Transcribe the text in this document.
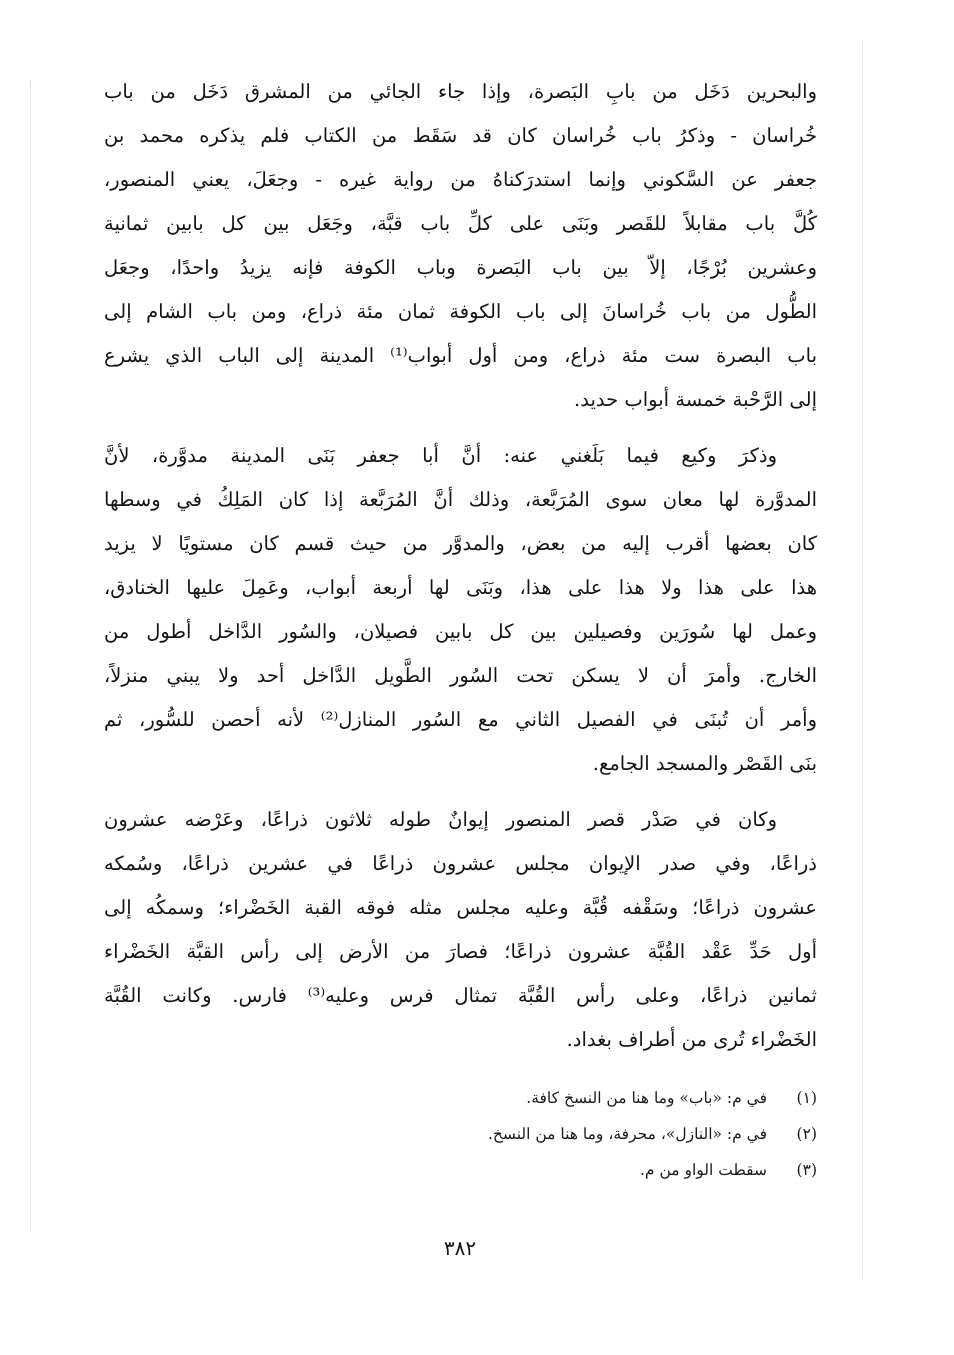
والبحرين دَخَل من بابِ البَصرة، وإذا جاء الجائي من المشرق دَخَل من باب
خُراسان - وذكرُ باب خُراسان كان قد سَقَط من الكتاب فلم يذكره محمد بن
جعفر عن السَّكوني وإنما استدرَكناهُ من رواية غيره - وجعَلَ، يعني المنصور،
كُلَّ باب مقابلاً للقَصر وبَنَى على كلِّ باب قبَّة، وجَعَل بين كل بابين ثمانية
وعشرين بُرْجًا، إلاّ بين باب البَصرة وباب الكوفة فإنه يزيدُ واحدًا، وجعَل
الطُّول من باب خُراسانَ إلى باب الكوفة ثمان مئة ذراع، ومن باب الشام إلى
باب البصرة ست مئة ذراع، ومن أول أبواب⁽¹⁾ المدينة إلى الباب الذي يشرع
إلى الرَّحْبة خمسة أبواب حديد.
وذكرَ وكيع فيما بَلَغني عنه: أنَّ أبا جعفر بَنَى المدينة مدوَّرة، لأنَّ
المدوَّرة لها معان سوى المُرَبَّعة، وذلك أنَّ المُرَبَّعة إذا كان المَلِكُ في وسطها
كان بعضها أقرب إليه من بعض، والمدوَّر من حيث قسم كان مستويًا لا يزيد
هذا على هذا ولا هذا على هذا، وبَنَى لها أربعة أبواب، وعَمِلَ عليها الخنادق،
وعمل لها سُورَين وفصيلين بين كل بابين فصيلان، والسُور الدَّاخل أطول من
الخارج. وأمرَ أن لا يسكن تحت السُور الطَّويل الدَّاخل أحد ولا يبني منزلاً،
وأمر أن تُبنَى في الفصيل الثاني مع السُور المنازل⁽²⁾ لأنه أحصن للسُّور، ثم
بنَى القَصْر والمسجد الجامع.
وكان في صَدْر قصر المنصور إيوانٌ طوله ثلاثون ذراعًا، وعَرْضه عشرون
ذراعًا، وفي صدر الإيوان مجلس عشرون ذراعًا في عشرين ذراعًا، وسُمكه
عشرون ذراعًا؛ وسَقْفه قُبَّة وعليه مجلس مثله فوقه القبة الخَضْراء؛ وسمكُه إلى
أول حَدِّ عَقْد القُبَّة عشرون ذراعًا؛ فصارَ من الأرض إلى رأس القبَّة الخَضْراء
ثمانين ذراعًا، وعلى رأس القُبَّة تمثال فرس وعليه⁽³⁾ فارس. وكانت القُبَّة
الخَضْراء تُرى من أطراف بغداد.
(١)في م: «باب» وما هنا من النسخ كافة.
(٢)في م: «النازل»، محرفة، وما هنا من النسخ.
(٣)سقطت الواو من م.
٣٨٢
